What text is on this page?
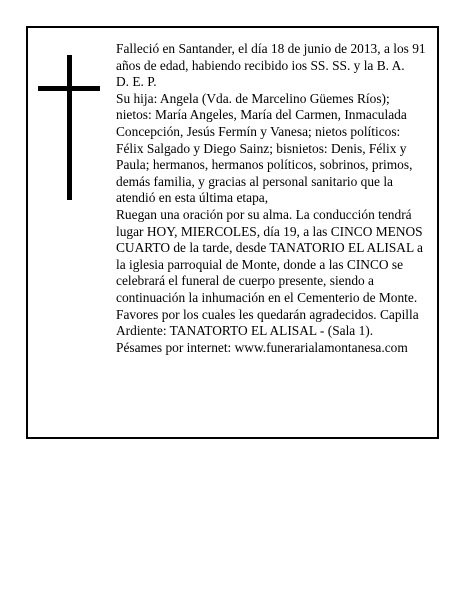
Falleció en Santander, el día 18 de junio de 2013, a los 91 años de edad, habiendo recibido ios SS. SS. y la B. A.

D. E. P.

Su hija: Angela (Vda. de Marcelino Güemes Ríos); nietos: María Angeles, María del Carmen, Inmaculada Concepción, Jesús Fermín y Vanesa; nietos políticos: Félix Salgado y Diego Sainz; bisnietos: Denis, Félix y Paula; hermanos, hermanos políticos, sobrinos, primos, demás familia, y gracias al personal sanitario que la atendió en esta última etapa,

Ruegan una oración por su alma. La conducción tendrá lugar HOY, MIERCOLES, día 19, a las CINCO MENOS CUARTO de la tarde, desde TANATORIO EL ALISAL a la iglesia parroquial de Monte, donde a las CINCO se celebrará el funeral de cuerpo presente, siendo a continuación la inhumación en el Cementerio de Monte. Favores por los cuales les quedarán agradecidos. Capilla Ardiente: TANATORTO EL ALISAL - (Sala 1).

Pésames por internet: www.funerarialamontanesa.com
